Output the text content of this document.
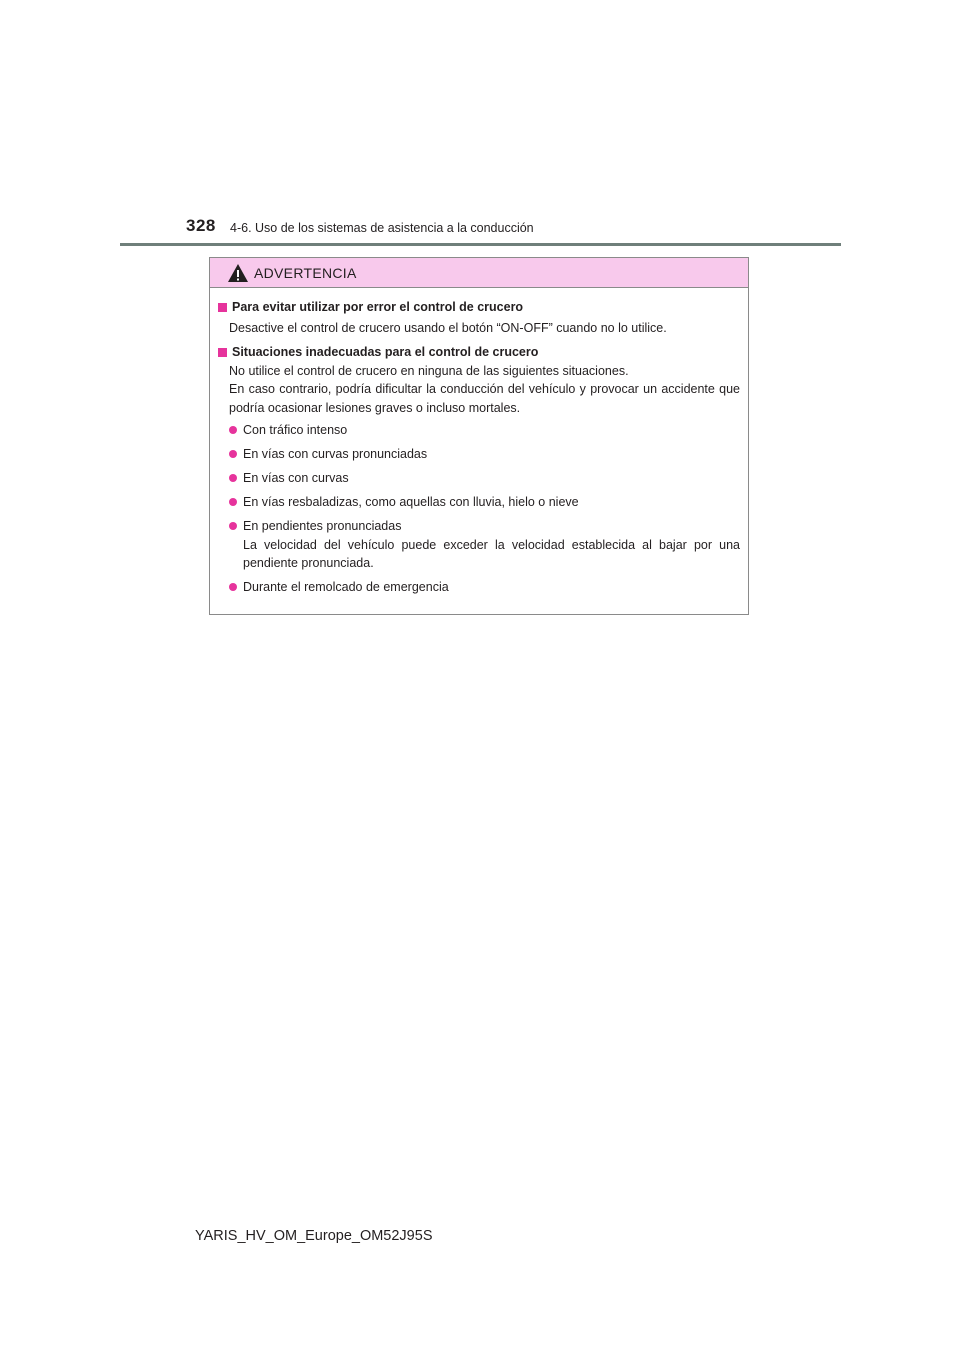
328 4-6. Uso de los sistemas de asistencia a la conducción
ADVERTENCIA
Para evitar utilizar por error el control de crucero

Desactive el control de crucero usando el botón “ON-OFF” cuando no lo utilice.

Situaciones inadecuadas para el control de crucero

No utilice el control de crucero en ninguna de las siguientes situaciones.

En caso contrario, podría dificultar la conducción del vehículo y provocar un accidente que podría ocasionar lesiones graves o incluso mortales.

Con tráfico intenso
En vías con curvas pronunciadas
En vías con curvas
En vías resbaladizas, como aquellas con lluvia, hielo o nieve
En pendientes pronunciadas
La velocidad del vehículo puede exceder la velocidad establecida al bajar por una pendiente pronunciada.
Durante el remolcado de emergencia
YARIS_HV_OM_Europe_OM52J95S
